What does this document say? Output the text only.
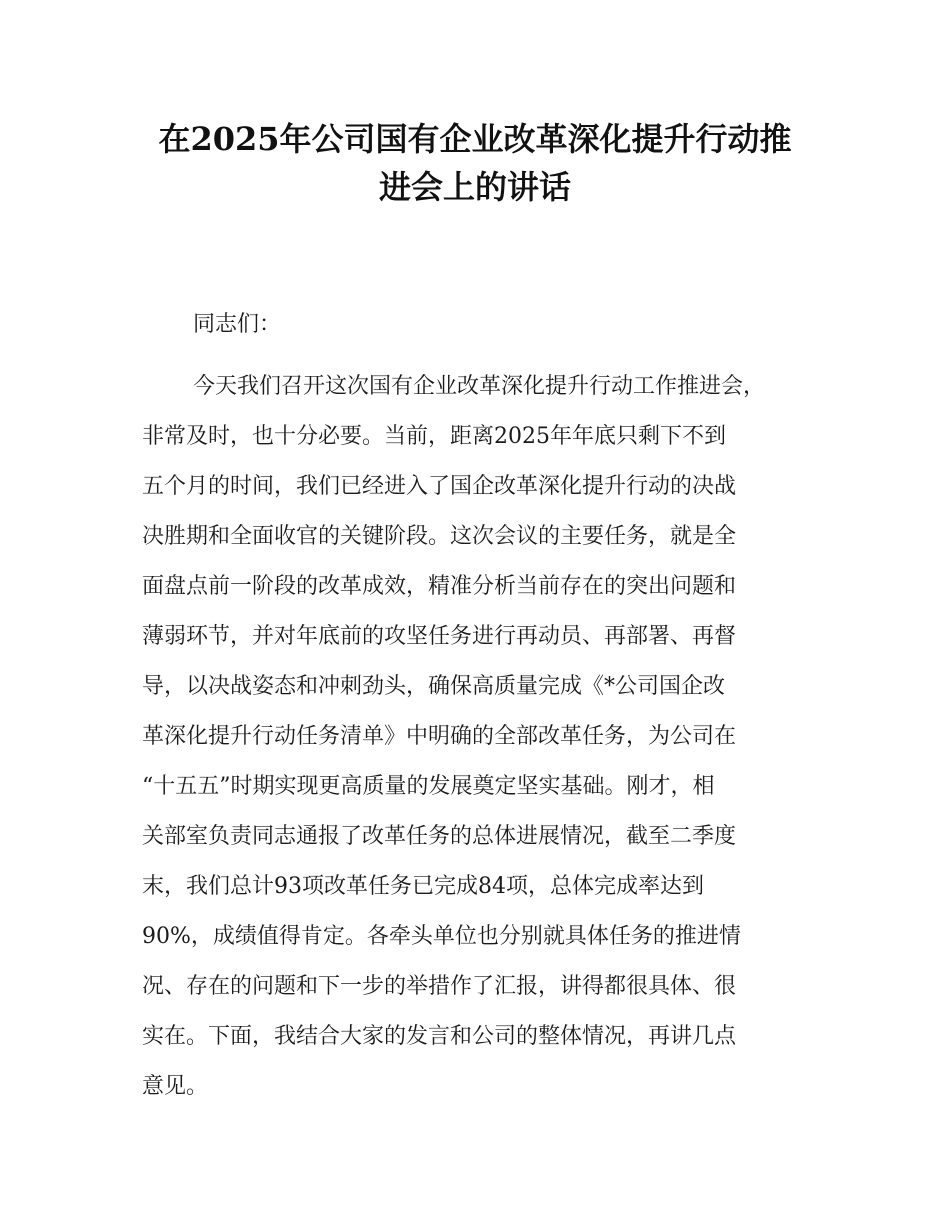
在2025年公司国有企业改革深化提升行动推
进会上的讲话

同志们：

今天我们召开这次国有企业改革深化提升行动工作推进会，

非常及时，也十分必要。当前，距离2025年年底只剩下不到

五个月的时间，我们已经进入了国企改革深化提升行动的决战

决胜期和全面收官的关键阶段。这次会议的主要任务，就是全

面盘点前一阶段的改革成效，精准分析当前存在的突出问题和

薄弱环节，并对年底前的攻坚任务进行再动员、再部署、再督

导，以决战姿态和冲刺劲头，确保高质量完成《*公司国企改

革深化提升行动任务清单》中明确的全部改革任务，为公司在

“十五五”时期实现更高质量的发展奠定坚实基础。刚才，相

关部室负责同志通报了改革任务的总体进展情况，截至二季度

末，我们总计93项改革任务已完成84项，总体完成率达到

90%，成绩值得肯定。各牵头单位也分别就具体任务的推进情

况、存在的问题和下一步的举措作了汇报，讲得都很具体、很

实在。下面，我结合大家的发言和公司的整体情况，再讲几点

意见。
